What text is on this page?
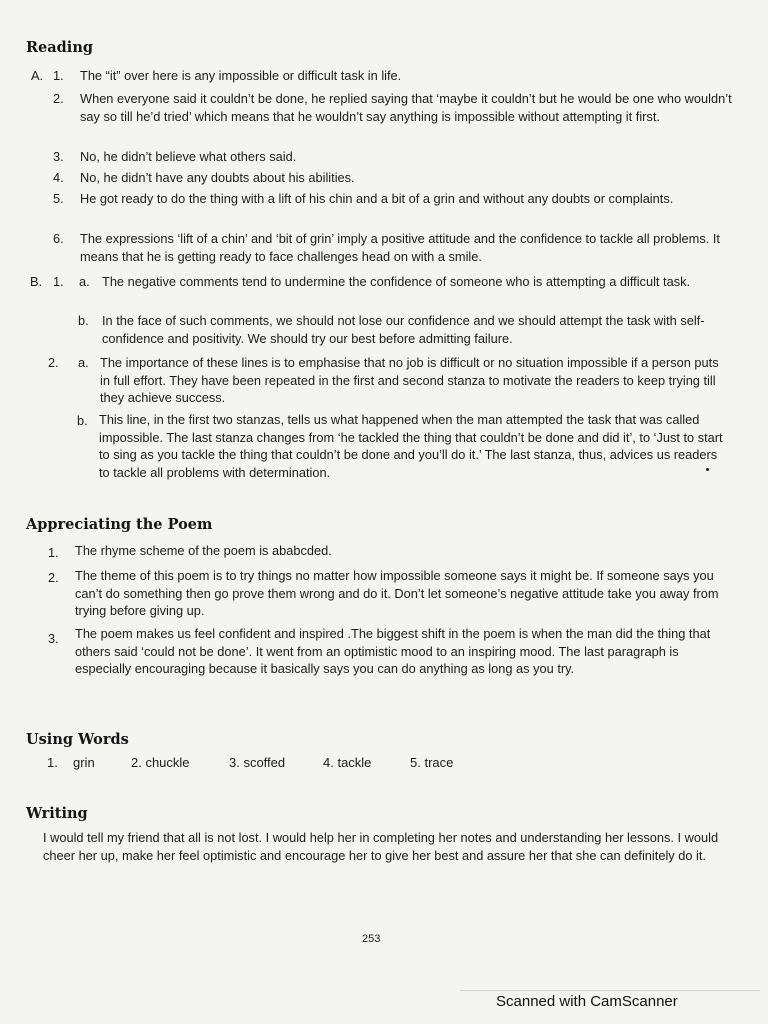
Reading
A. 1. The “it” over here is any impossible or difficult task in life.
2. When everyone said it couldn’t be done, he replied saying that ‘maybe it couldn’t but he would be one who wouldn’t say so till he’d tried’ which means that he wouldn’t say anything is impossible without attempting it first.
3. No, he didn’t believe what others said.
4. No, he didn’t have any doubts about his abilities.
5. He got ready to do the thing with a lift of his chin and a bit of a grin and without any doubts or complaints.
6. The expressions ‘lift of a chin’ and ‘bit of grin’ imply a positive attitude and the confidence to tackle all problems. It means that he is getting ready to face challenges head on with a smile.
B. 1. a. The negative comments tend to undermine the confidence of someone who is attempting a difficult task.
b. In the face of such comments, we should not lose our confidence and we should attempt the task with self-confidence and positivity. We should try our best before admitting failure.
2. a. The importance of these lines is to emphasise that no job is difficult or no situation impossible if a person puts in full effort. They have been repeated in the first and second stanza to motivate the readers to keep trying till they achieve success.
b. This line, in the first two stanzas, tells us what happened when the man attempted the task that was called impossible. The last stanza changes from ‘he tackled the thing that couldn’t be done and did it’, to ‘Just to start to sing as you tackle the thing that couldn’t be done and you’ll do it.’ The last stanza, thus, advices us readers to tackle all problems with determination.
Appreciating the Poem
1. The rhyme scheme of the poem is ababcded.
2. The theme of this poem is to try things no matter how impossible someone says it might be. If someone says you can’t do something then go prove them wrong and do it. Don’t let someone’s negative attitude take you away from trying before giving up.
3. The poem makes us feel confident and inspired .The biggest shift in the poem is when the man did the thing that others said ‘could not be done’. It went from an optimistic mood to an inspiring mood. The last paragraph is especially encouraging because it basically says you can do anything as long as you try.
Using Words
1. grin	2. chuckle	3. scoffed	4. tackle	5. trace
Writing
I would tell my friend that all is not lost. I would help her in completing her notes and understanding her lessons. I would cheer her up, make her feel optimistic and encourage her to give her best and assure her that she can definitely do it.
253
Scanned with CamScanner
